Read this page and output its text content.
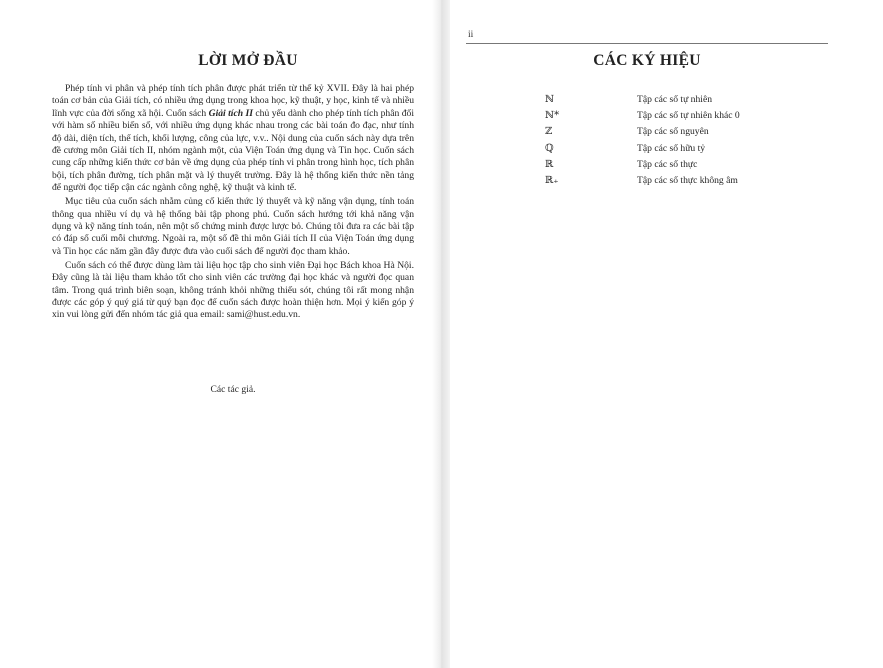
LỜI MỞ ĐẦU

Phép tính vi phân và phép tính tích phân được phát triển từ thế kỷ XVII. Đây là hai phép toán cơ bản của Giải tích, có nhiều ứng dụng trong khoa học, kỹ thuật, y học, kinh tế và nhiều lĩnh vực của đời sống xã hội. Cuốn sách Giải tích II chủ yếu dành cho phép tính tích phân đối với hàm số nhiều biến số, với nhiều ứng dụng khác nhau trong các bài toán đo đạc, như tính độ dài, diện tích, thể tích, khối lượng, công của lực, v.v.. Nội dung của cuốn sách này dựa trên đề cương môn Giải tích II, nhóm ngành một, của Viện Toán ứng dụng và Tin học. Cuốn sách cung cấp những kiến thức cơ bản về ứng dụng của phép tính vi phân trong hình học, tích phân bội, tích phân đường, tích phân mặt và lý thuyết trường. Đây là hệ thống kiến thức nền tảng để người đọc tiếp cận các ngành công nghệ, kỹ thuật và kinh tế.

Mục tiêu của cuốn sách nhằm củng cố kiến thức lý thuyết và kỹ năng vận dụng, tính toán thông qua nhiều ví dụ và hệ thống bài tập phong phú. Cuốn sách hướng tới khả năng vận dụng và kỹ năng tính toán, nên một số chứng minh được lược bỏ. Chúng tôi đưa ra các bài tập có đáp số cuối mỗi chương. Ngoài ra, một số đề thi môn Giải tích II của Viện Toán ứng dụng và Tin học các năm gần đây được đưa vào cuối sách để người đọc tham khảo.

Cuốn sách có thể được dùng làm tài liệu học tập cho sinh viên Đại học Bách khoa Hà Nội. Đây cũng là tài liệu tham khảo tốt cho sinh viên các trường đại học khác và người đọc quan tâm. Trong quá trình biên soạn, không tránh khỏi những thiếu sót, chúng tôi rất mong nhận được các góp ý quý giá từ quý bạn đọc để cuốn sách được hoàn thiện hơn. Mọi ý kiến góp ý xin vui lòng gửi đến nhóm tác giả qua email: sami@hust.edu.vn.

Các tác giả.
ii
CÁC KÝ HIỆU
ℕ	Tập các số tự nhiên
ℕ*	Tập các số tự nhiên khác 0
ℤ	Tập các số nguyên
ℚ	Tập các số hữu tỷ
ℝ	Tập các số thực
ℝ₊	Tập các số thực không âm
